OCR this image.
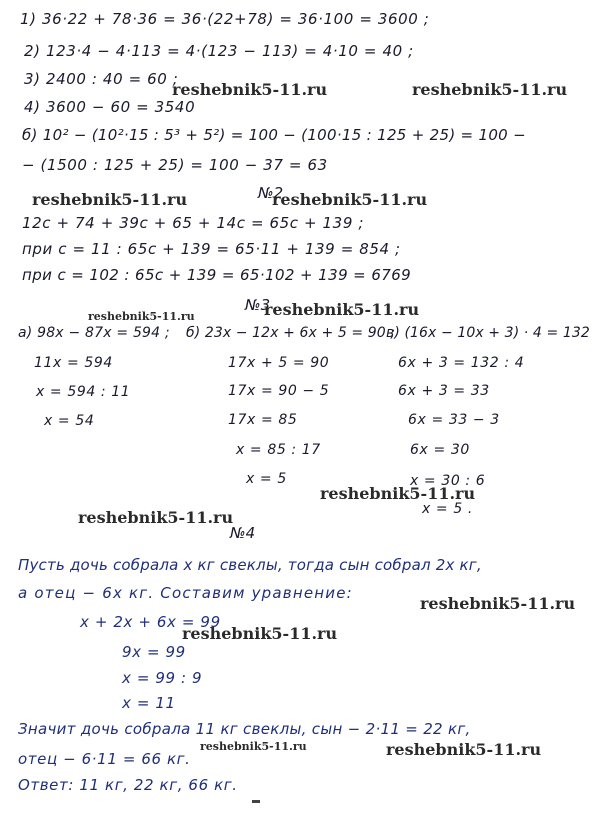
1) 36·22 + 78·36 = 36·(22+78) = 36·100 = 3600 ;
2) 123·4 − 4·113 = 4·(123 − 113) = 4·10 = 40 ;
3) 2400 : 40 = 60 ;
4) 3600 − 60 = 3540
б) 10² − (10²·15 : 5³ + 5²) = 100 − (100·15 : 125 + 25) = 100 −
− (1500 : 125 + 25) = 100 − 37 = 63
№2
12c + 74 + 39c + 65 + 14c = 65c + 139 ;
при c = 11 : 65c + 139 = 65·11 + 139 = 854 ;
при c = 102 : 65c + 139 = 65·102 + 139 = 6769
№3
а) 98x − 87x = 594 ; б) 23x − 12x + 6x + 5 = 90 ;
в) (16x − 10x + 3) · 4 = 132
11x = 594
x = 594 : 11
x = 54
17x + 5 = 90
17x = 90 − 5
17x = 85
x = 85 : 17
x = 5
6x + 3 = 132 : 4
6x + 3 = 33
6x = 33 − 3
6x = 30
x = 30 : 6
x = 5 .
№4
Пусть дочь собрала x кг свеклы, тогда сын собрал 2x кг,
а отец − 6x кг. Составим уравнение:
x + 2x + 6x = 99
9x = 99
x = 99 : 9
x = 11
Значит дочь собрала 11 кг свеклы, сын − 2·11 = 22 кг,
отец − 6·11 = 66 кг.
Ответ: 11 кг, 22 кг, 66 кг.
reshebnik5-11.ru	reshebnik5-11.ru
reshebnik5-11.ru	reshebnik5-11.ru
reshebnik5-11.ru	reshebnik5-11.ru
reshebnik5-11.ru
reshebnik5-11.ru
reshebnik5-11.ru
reshebnik5-11.ru
reshebnik5-11.ru	reshebnik5-11.ru
